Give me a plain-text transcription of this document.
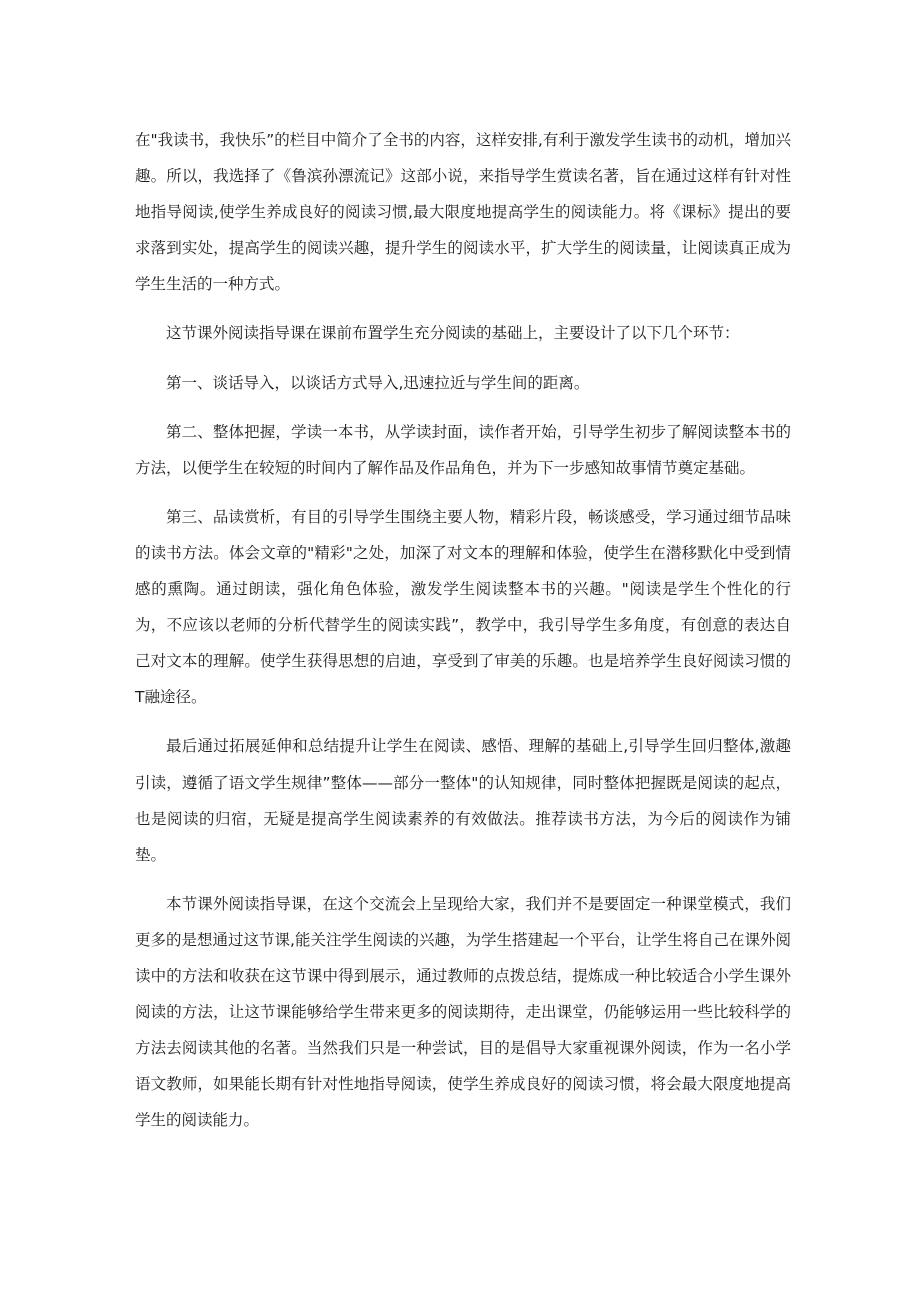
在"我读书，我快乐”的栏目中简介了全书的内容，这样安排,有利于激发学生读书的动机，增加兴趣。所以，我选择了《鲁滨孙漂流记》这部小说，来指导学生赏读名著，旨在通过这样有针对性地指导阅读,使学生养成良好的阅读习惯,最大限度地提高学生的阅读能力。将《课标》提出的要求落到实处，提高学生的阅读兴趣，提升学生的阅读水平，扩大学生的阅读量，让阅读真正成为学生生活的一种方式。

这节课外阅读指导课在课前布置学生充分阅读的基础上，主要设计了以下几个环节：

第一、谈话导入，以谈话方式导入,迅速拉近与学生间的距离。

第二、整体把握，学读一本书，从学读封面，读作者开始，引导学生初步了解阅读整本书的方法，以便学生在较短的时间内了解作品及作品角色，并为下一步感知故事情节奠定基础。

第三、品读赏析，有目的引导学生围绕主要人物，精彩片段，畅谈感受，学习通过细节品味的读书方法。体会文章的"精彩"之处，加深了对文本的理解和体验，使学生在潜移默化中受到情感的熏陶。通过朗读，强化角色体验，激发学生阅读整本书的兴趣。"阅读是学生个性化的行为，不应该以老师的分析代替学生的阅读实践”，教学中，我引导学生多角度，有创意的表达自己对文本的理解。使学生获得思想的启迪，享受到了审美的乐趣。也是培养学生良好阅读习惯的T融途径。

最后通过拓展延伸和总结提升让学生在阅读、感悟、理解的基础上,引导学生回归整体,激趣引读，遵循了语文学生规律”整体——部分一整体"的认知规律，同时整体把握既是阅读的起点，也是阅读的归宿，无疑是提高学生阅读素养的有效做法。推荐读书方法，为今后的阅读作为铺垫。

本节课外阅读指导课，在这个交流会上呈现给大家，我们并不是要固定一种课堂模式，我们更多的是想通过这节课,能关注学生阅读的兴趣，为学生搭建起一个平台，让学生将自己在课外阅读中的方法和收获在这节课中得到展示，通过教师的点拨总结，提炼成一种比较适合小学生课外阅读的方法，让这节课能够给学生带来更多的阅读期待，走出课堂，仍能够运用一些比较科学的方法去阅读其他的名著。当然我们只是一种尝试，目的是倡导大家重视课外阅读，作为一名小学语文教师，如果能长期有针对性地指导阅读，使学生养成良好的阅读习惯，将会最大限度地提高学生的阅读能力。
